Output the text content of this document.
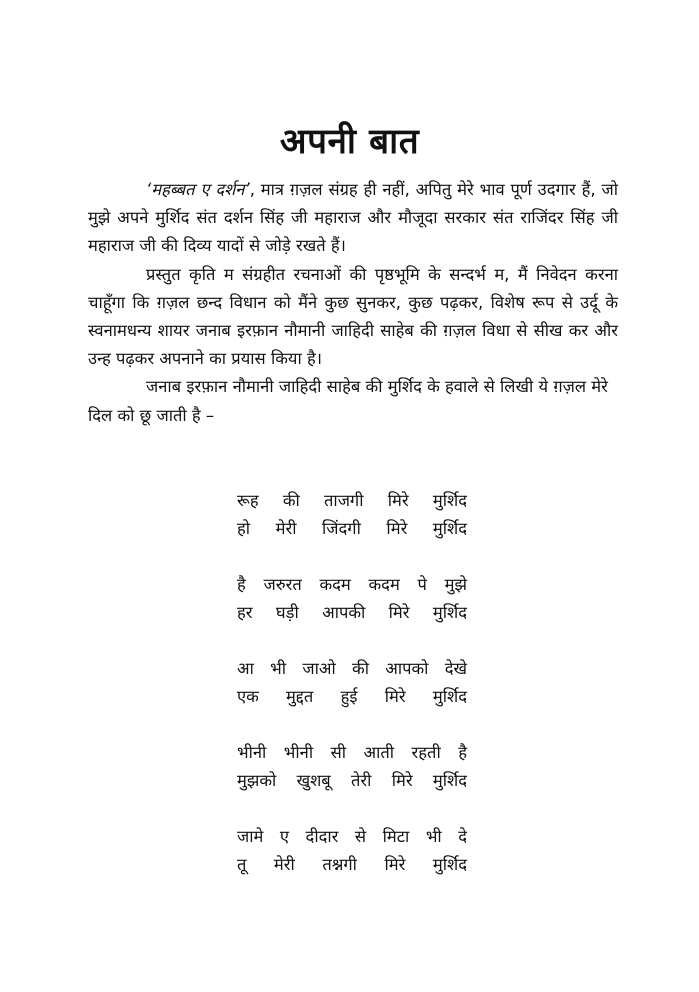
अपनी बात

‘महब्बत ए दर्शन’, मात्र ग़ज़ल संग्रह ही नहीं, अपितु मेरे भाव पूर्ण उदगार हैं, जो मुझे अपने मुर्शिद संत दर्शन सिंह जी महाराज और मौजूदा सरकार संत राजिंदर सिंह जी महाराज जी की दिव्य यादों से जोड़े रखते हैं।

प्रस्तुत कृति म संग्रहीत रचनाओं की पृष्ठभूमि के सन्दर्भ म, मैं निवेदन करना चाहूँगा कि ग़ज़ल छन्द विधान को मैंने कुछ सुनकर, कुछ पढ़कर, विशेष रूप से उर्दू के स्वनामधन्य शायर जनाब इरफ़ान नौमानी जाहिदी साहेब की ग़ज़ल विधा से सीख कर और उन्ह पढ़कर अपनाने का प्रयास किया है।

जनाब इरफ़ान नौमानी जाहिदी साहेब की मुर्शिद के हवाले से लिखी ये ग़ज़ल मेरे दिल को छू जाती है –

रूह की ताजगी मिरे मुर्शिद
हो मेरी जिंदगी मिरे मुर्शिद
है जरुरत कदम कदम पे मुझे
हर घड़ी आपकी मिरे मुर्शिद
आ भी जाओ की आपको देखे
एक मुद्दत हुई मिरे मुर्शिद
भीनी भीनी सी आती रहती है
मुझको खुशबू तेरी मिरे मुर्शिद
जामे ए दीदार से मिटा भी दे
तू मेरी तश्नगी मिरे मुर्शिद
